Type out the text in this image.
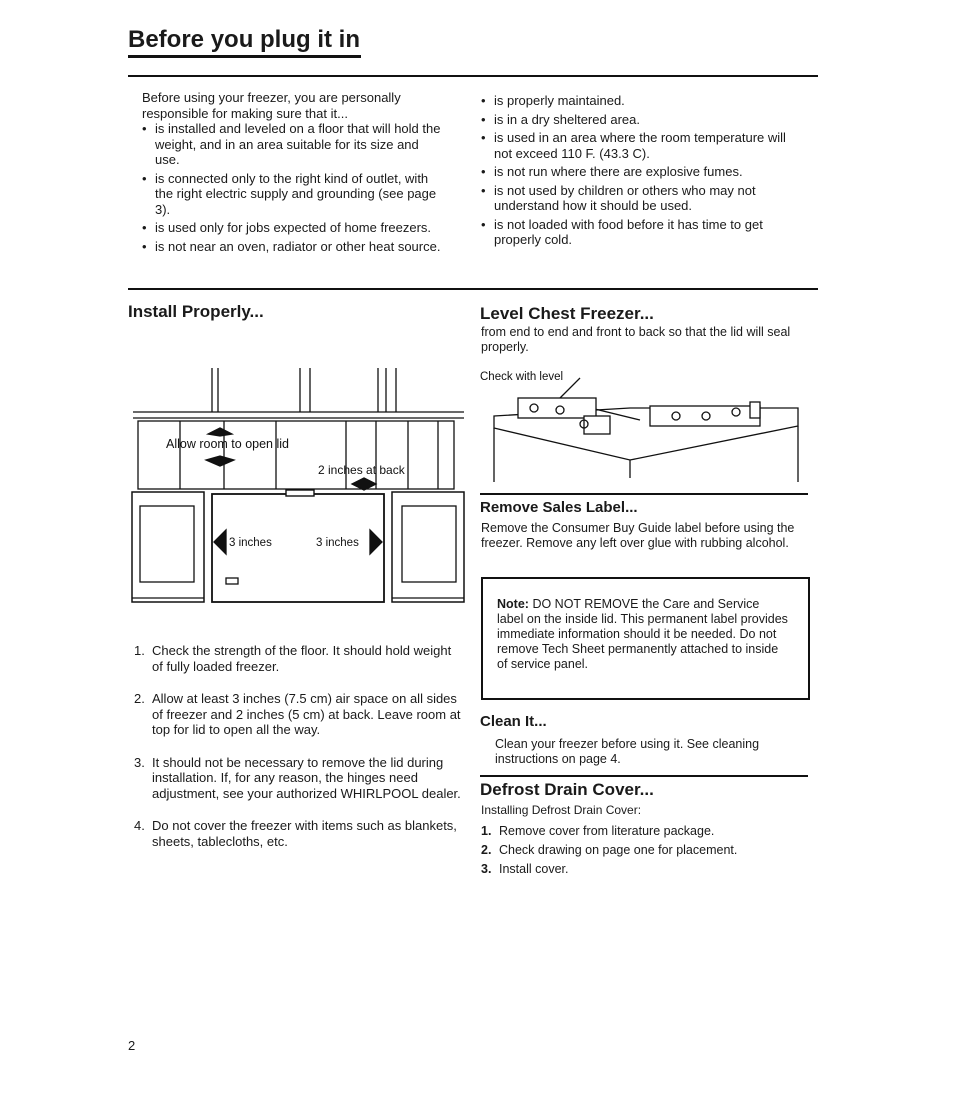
Before you plug it in
Before using your freezer, you are personally responsible for making sure that it...
• is installed and leveled on a floor that will hold the weight, and in an area suitable for its size and use.
• is connected only to the right kind of outlet, with the right electric supply and grounding (see page 3).
• is used only for jobs expected of home freezers.
• is not near an oven, radiator or other heat source.
• is properly maintained.
• is in a dry sheltered area.
• is used in an area where the room temperature will not exceed 110 F. (43.3 C).
• is not run where there are explosive fumes.
• is not used by children or others who may not understand how it should be used.
• is not loaded with food before it has time to get properly cold.
Install Properly...
Allow room to open lid
2 inches at back
3 inches	3 inches
1. Check the strength of the floor. It should hold weight of fully loaded freezer.
2. Allow at least 3 inches (7.5 cm) air space on all sides of freezer and 2 inches (5 cm) at back. Leave room at top for lid to open all the way.
3. It should not be necessary to remove the lid during installation. If, for any reason, the hinges need adjustment, see your authorized WHIRLPOOL dealer.
4. Do not cover the freezer with items such as blankets, sheets, tablecloths, etc.
Level Chest Freezer...
from end to end and front to back so that the lid will seal properly.
Check with level
Remove Sales Label...
Remove the Consumer Buy Guide label before using the freezer. Remove any left over glue with rubbing alcohol.
Note: DO NOT REMOVE the Care and Service label on the inside lid. This permanent label provides immediate information should it be needed. Do not remove Tech Sheet permanently attached to inside of service panel.
Clean It...
Clean your freezer before using it. See cleaning instructions on page 4.
Defrost Drain Cover...
Installing Defrost Drain Cover:
1. Remove cover from literature package.
2. Check drawing on page one for placement.
3. Install cover.
2
